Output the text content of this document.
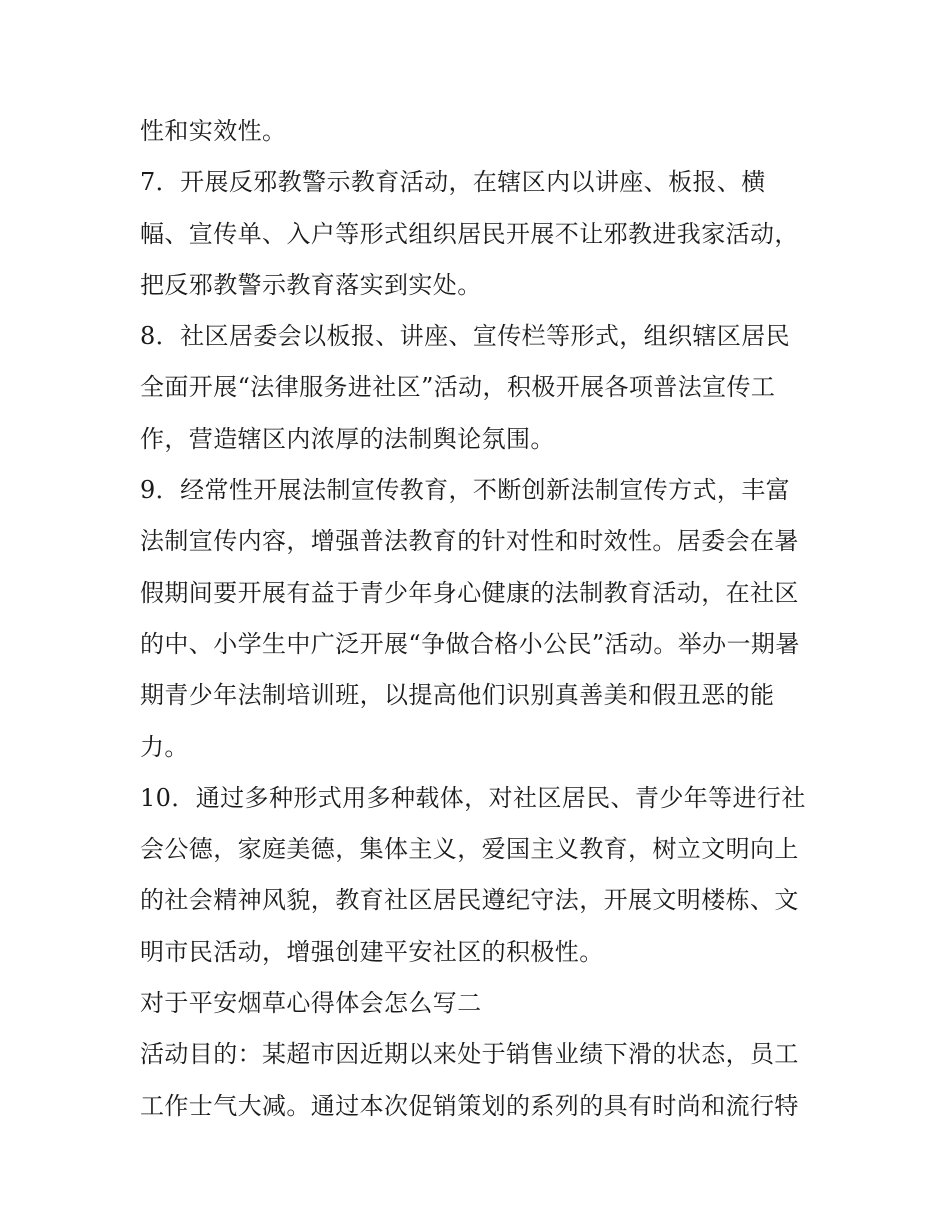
性和实效性。
7．开展反邪教警示教育活动，在辖区内以讲座、板报、横
幅、宣传单、入户等形式组织居民开展不让邪教进我家活动，
把反邪教警示教育落实到实处。
8．社区居委会以板报、讲座、宣传栏等形式，组织辖区居民
全面开展“法律服务进社区”活动，积极开展各项普法宣传工
作，营造辖区内浓厚的法制舆论氛围。
9．经常性开展法制宣传教育，不断创新法制宣传方式，丰富
法制宣传内容，增强普法教育的针对性和时效性。居委会在暑
假期间要开展有益于青少年身心健康的法制教育活动，在社区
的中、小学生中广泛开展“争做合格小公民”活动。举办一期暑
期青少年法制培训班，以提高他们识别真善美和假丑恶的能
力。
10．通过多种形式用多种载体，对社区居民、青少年等进行社
会公德，家庭美德，集体主义，爱国主义教育，树立文明向上
的社会精神风貌，教育社区居民遵纪守法，开展文明楼栋、文
明市民活动，增强创建平安社区的积极性。
对于平安烟草心得体会怎么写二
活动目的：某超市因近期以来处于销售业绩下滑的状态，员工
工作士气大减。通过本次促销策划的系列的具有时尚和流行特
